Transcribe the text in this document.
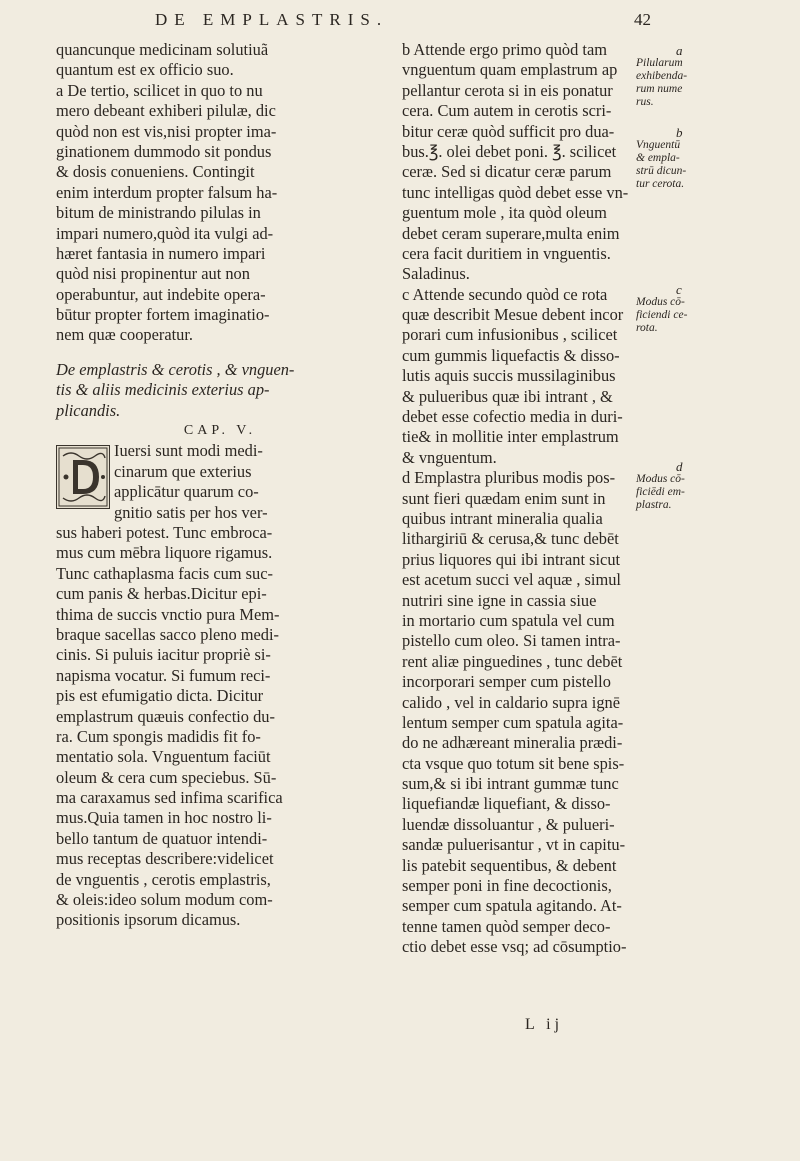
DE EMPLASTRIS.	42
quancunque medicinam solutiuã
quantum est ex officio suo.
a De tertio, scilicet in quo to nu
mero debeant exhiberi pilulæ, dic
quòd non est vis,nisi propter ima-
ginationem dummodo sit pondus
& dosis conueniens. Contingit
enim interdum propter falsum ha-
bitum de ministrando pilulas in
impari numero,quòd ita vulgi ad-
hæret fantasia in numero impari
quòd nisi propinentur aut non
operabuntur, aut indebite opera-
būtur propter fortem imaginatio-
nem quæ cooperatur.
De emplastris & cerotis , & vnguen-
tis & aliis medicinis exterius ap-
plicandis.
CAP. V.
Iuersi sunt modi medi-
cinarum que exterius
applicātur quarum co-
gnitio satis per hos ver-
sus haberi potest. Tunc embroca-
mus cum mēbra liquore rigamus.
Tunc cathaplasma facis cum suc-
cum panis & herbas.Dicitur epi-
thima de succis vnctio pura Mem-
braque sacellas sacco pleno medi-
cinis. Si puluis iacitur propriè si-
napisma vocatur. Si fumum reci-
pis est efumigatio dicta. Dicitur
emplastrum quæuis confectio du-
ra. Cum spongis madidis fit fo-
mentatio sola. Vnguentum faciūt
oleum & cera cum speciebus. Sū-
ma caraxamus sed infima scarifica
mus.Quia tamen in hoc nostro li-
bello tantum de quatuor intendi-
mus receptas describere:videlicet
de vnguentis , cerotis emplastris,
& oleis:ideo solum modum com-
positionis ipsorum dicamus.
b Attende ergo primo quòd tam
vnguentum quam emplastrum ap
pellantur cerota si in eis ponatur
cera. Cum autem in cerotis scri-
bitur ceræ quòd sufficit pro dua-
bus.℥. olei debet poni. ℥. scilicet
ceræ. Sed si dicatur ceræ parum
tunc intelligas quòd debet esse vn-
guentum mole , ita quòd oleum
debet ceram superare,multa enim
cera facit duritiem in vnguentis.
Saladinus.
c Attende secundo quòd ce rota
quæ describit Mesue debent incor
porari cum infusionibus , scilicet
cum gummis liquefactis & disso-
lutis aquis succis mussilaginibus
& pulueribus quæ ibi intrant , &
debet esse cofectio media in duri-
tie& in mollitie inter emplastrum
& vnguentum.
d Emplastra pluribus modis pos-
sunt fieri quædam enim sunt in
quibus intrant mineralia qualia
lithargiriū & cerusa,& tunc debēt
prius liquores qui ibi intrant sicut
est acetum succi vel aquæ , simul
nutriri sine igne in cassia siue
in mortario cum spatula vel cum
pistello cum oleo. Si tamen intra-
rent aliæ pinguedines , tunc debēt
incorporari semper cum pistello
calido , vel in caldario supra ignē
lentum semper cum spatula agita-
do ne adhæreant mineralia prædi-
cta vsque quo totum sit bene spis-
sum,& si ibi intrant gummæ tunc
liquefiandæ liquefiant, & disso-
luendæ dissoluantur , & pulueri-
sandæ puluerisantur , vt in capitu-
lis patebit sequentibus, & debent
semper poni in fine decoctionis,
semper cum spatula agitando. At-
tenne tamen quòd semper deco-
ctio debet esse vsq; ad cōsumptio-
a
Pilularum
exhibenda-
rum nume
rus.
b
Vnguentū
& empla-
strū dicun-
tur cerota.
c
Modus cō-
ficiendi ce-
rota.
d
Modus cō-
ficiēdi em-
plastra.
L ij
